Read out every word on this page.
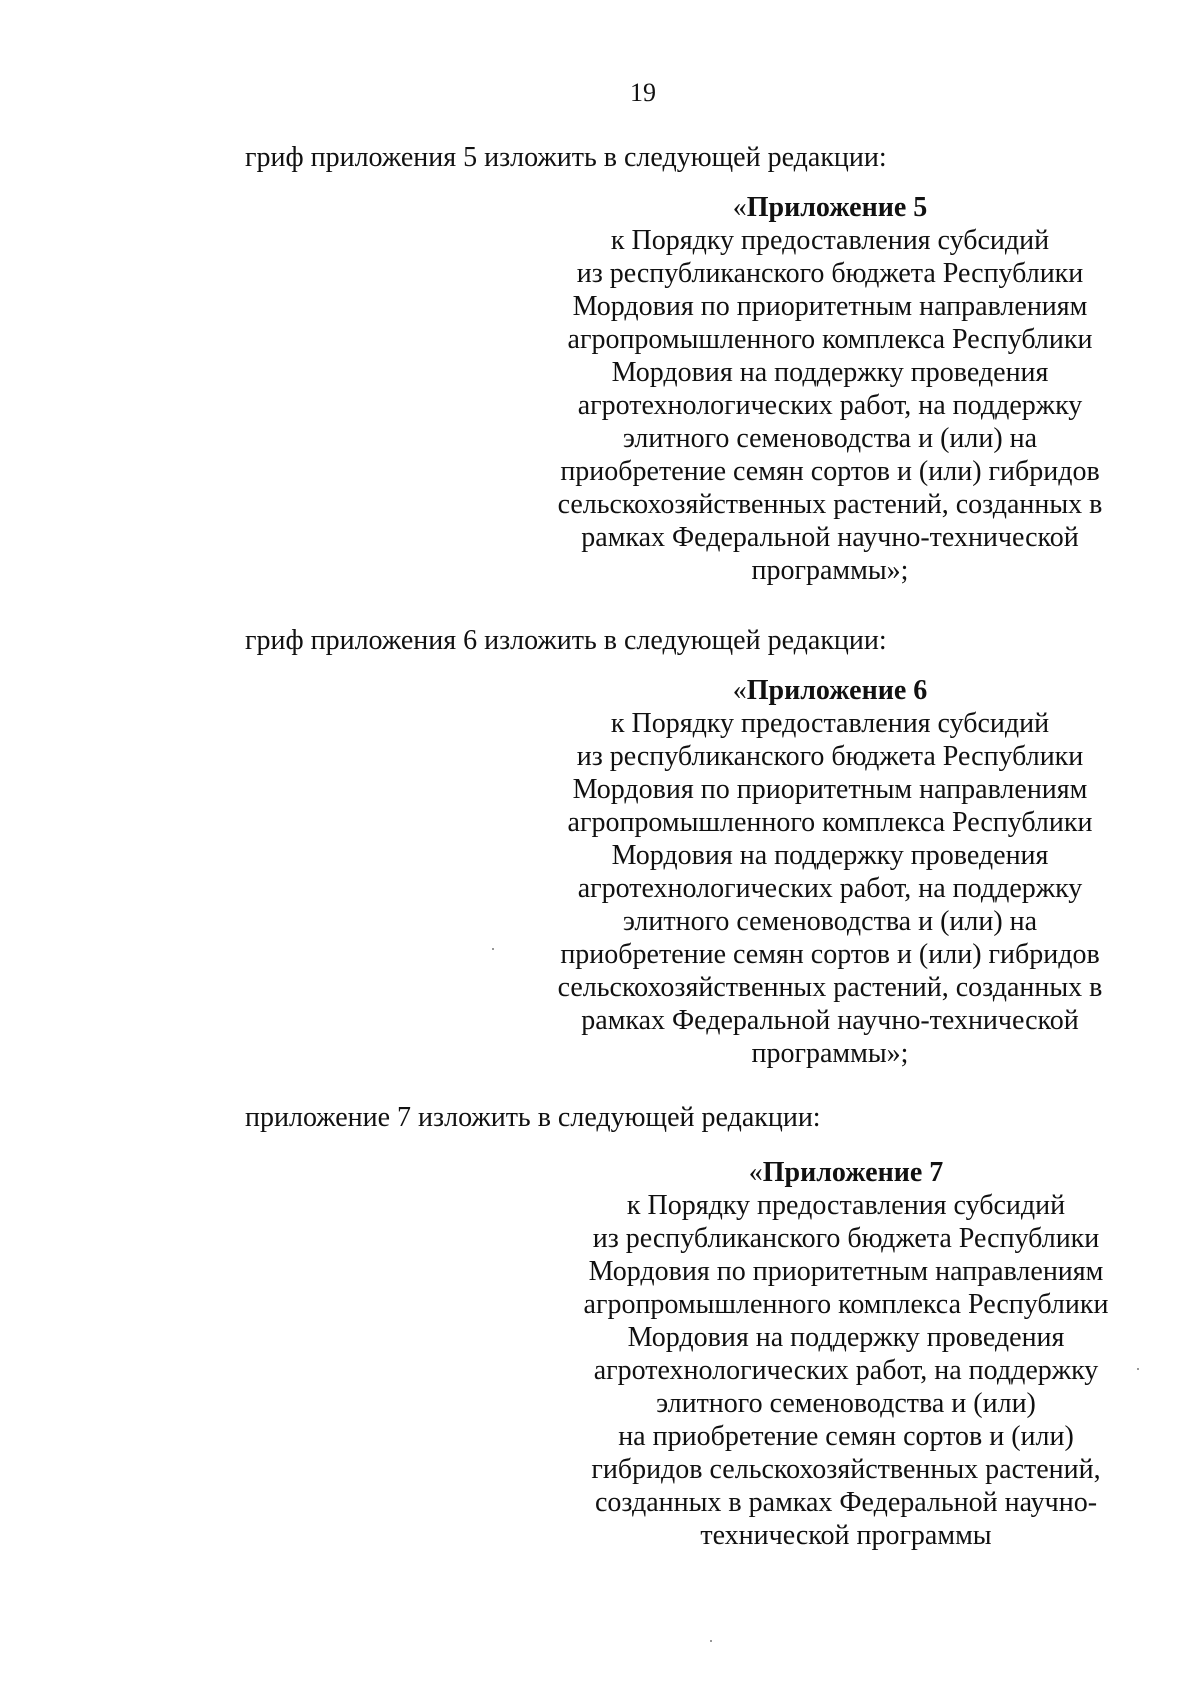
19
гриф приложения 5 изложить в следующей редакции:
«Приложение 5
к Порядку предоставления субсидий
из республиканского бюджета Республики
Мордовия по приоритетным направлениям
агропромышленного комплекса Республики
Мордовия на поддержку проведения
агротехнологических работ, на поддержку
элитного семеноводства и (или) на
приобретение семян сортов и (или) гибридов
сельскохозяйственных растений, созданных в
рамках Федеральной научно-технической
программы»;
гриф приложения 6 изложить в следующей редакции:
«Приложение 6
к Порядку предоставления субсидий
из республиканского бюджета Республики
Мордовия по приоритетным направлениям
агропромышленного комплекса Республики
Мордовия на поддержку проведения
агротехнологических работ, на поддержку
элитного семеноводства и (или) на
приобретение семян сортов и (или) гибридов
сельскохозяйственных растений, созданных в
рамках Федеральной научно-технической
программы»;
приложение 7 изложить в следующей редакции:
«Приложение 7
к Порядку предоставления субсидий
из республиканского бюджета Республики
Мордовия по приоритетным направлениям
агропромышленного комплекса Республики
Мордовия на поддержку проведения
агротехнологических работ, на поддержку
элитного семеноводства и (или)
на приобретение семян сортов и (или)
гибридов сельскохозяйственных растений,
созданных в рамках Федеральной научно-
технической программы
